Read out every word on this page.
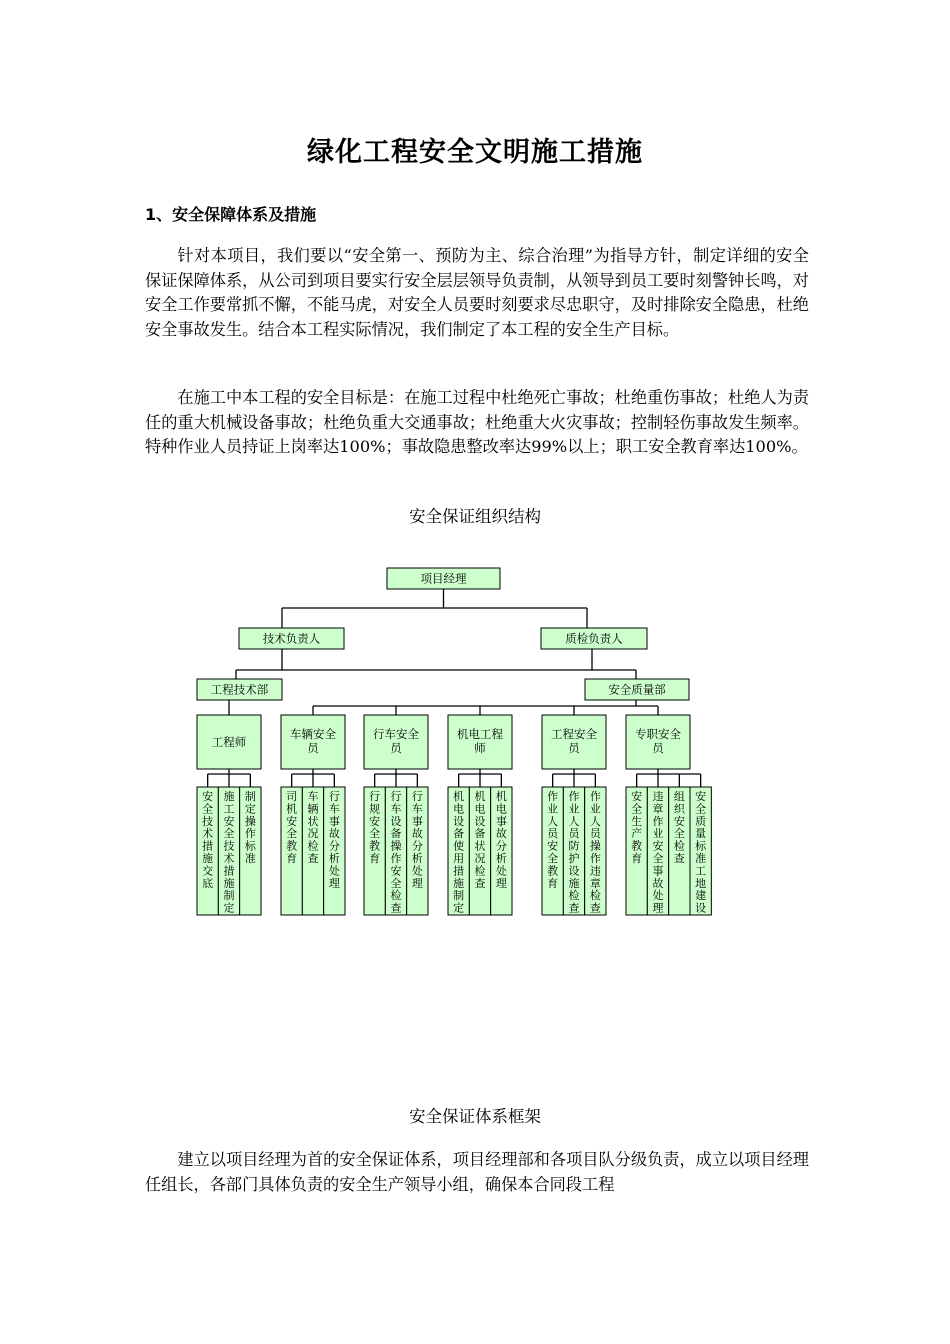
绿化工程安全文明施工措施
1、安全保障体系及措施

针对本项目，我们要以“安全第一、预防为主、综合治理”为指导方针，制定详细的安全保证保障体系，从公司到项目要实行安全层层领导负责制，从领导到员工要时刻警钟长鸣，对安全工作要常抓不懈，不能马虎，对安全人员要时刻要求尽忠职守，及时排除安全隐患，杜绝安全事故发生。结合本工程实际情况，我们制定了本工程的安全生产目标。

在施工中本工程的安全目标是：在施工过程中杜绝死亡事故；杜绝重伤事故；杜绝人为责任的重大机械设备事故；杜绝负重大交通事故；杜绝重大火灾事故；控制轻伤事故发生频率。特种作业人员持证上岗率达100%；事故隐患整改率达99%以上；职工安全教育率达100%。

安全保证组织结构

项目经理
技术负责人	质检负责人
工程技术部	安全质量部
工程师
车辆安全员
行车安全员
机电工程师
工程安全员
专职安全员
安全技术措施交底
施工安全技术措施制定
制定操作标准
司机安全教育
车辆状况检查
行车事故分析处理
行规安全教育
行车设备操作安全检查
行车事故分析处理
机电设备使用措施制定
机电设备状况检查
机电事故分析处理
作业人员安全教育
作业人员防护设施检查
作业人员操作违章检查
安全生产教育
违章作业安全事故处理
组织安全检查
安全质量标准工地建设

安全保证体系框架

建立以项目经理为首的安全保证体系，项目经理部和各项目队分级负责，成立以项目经理任组长，各部门具体负责的安全生产领导小组，确保本合同段工程
